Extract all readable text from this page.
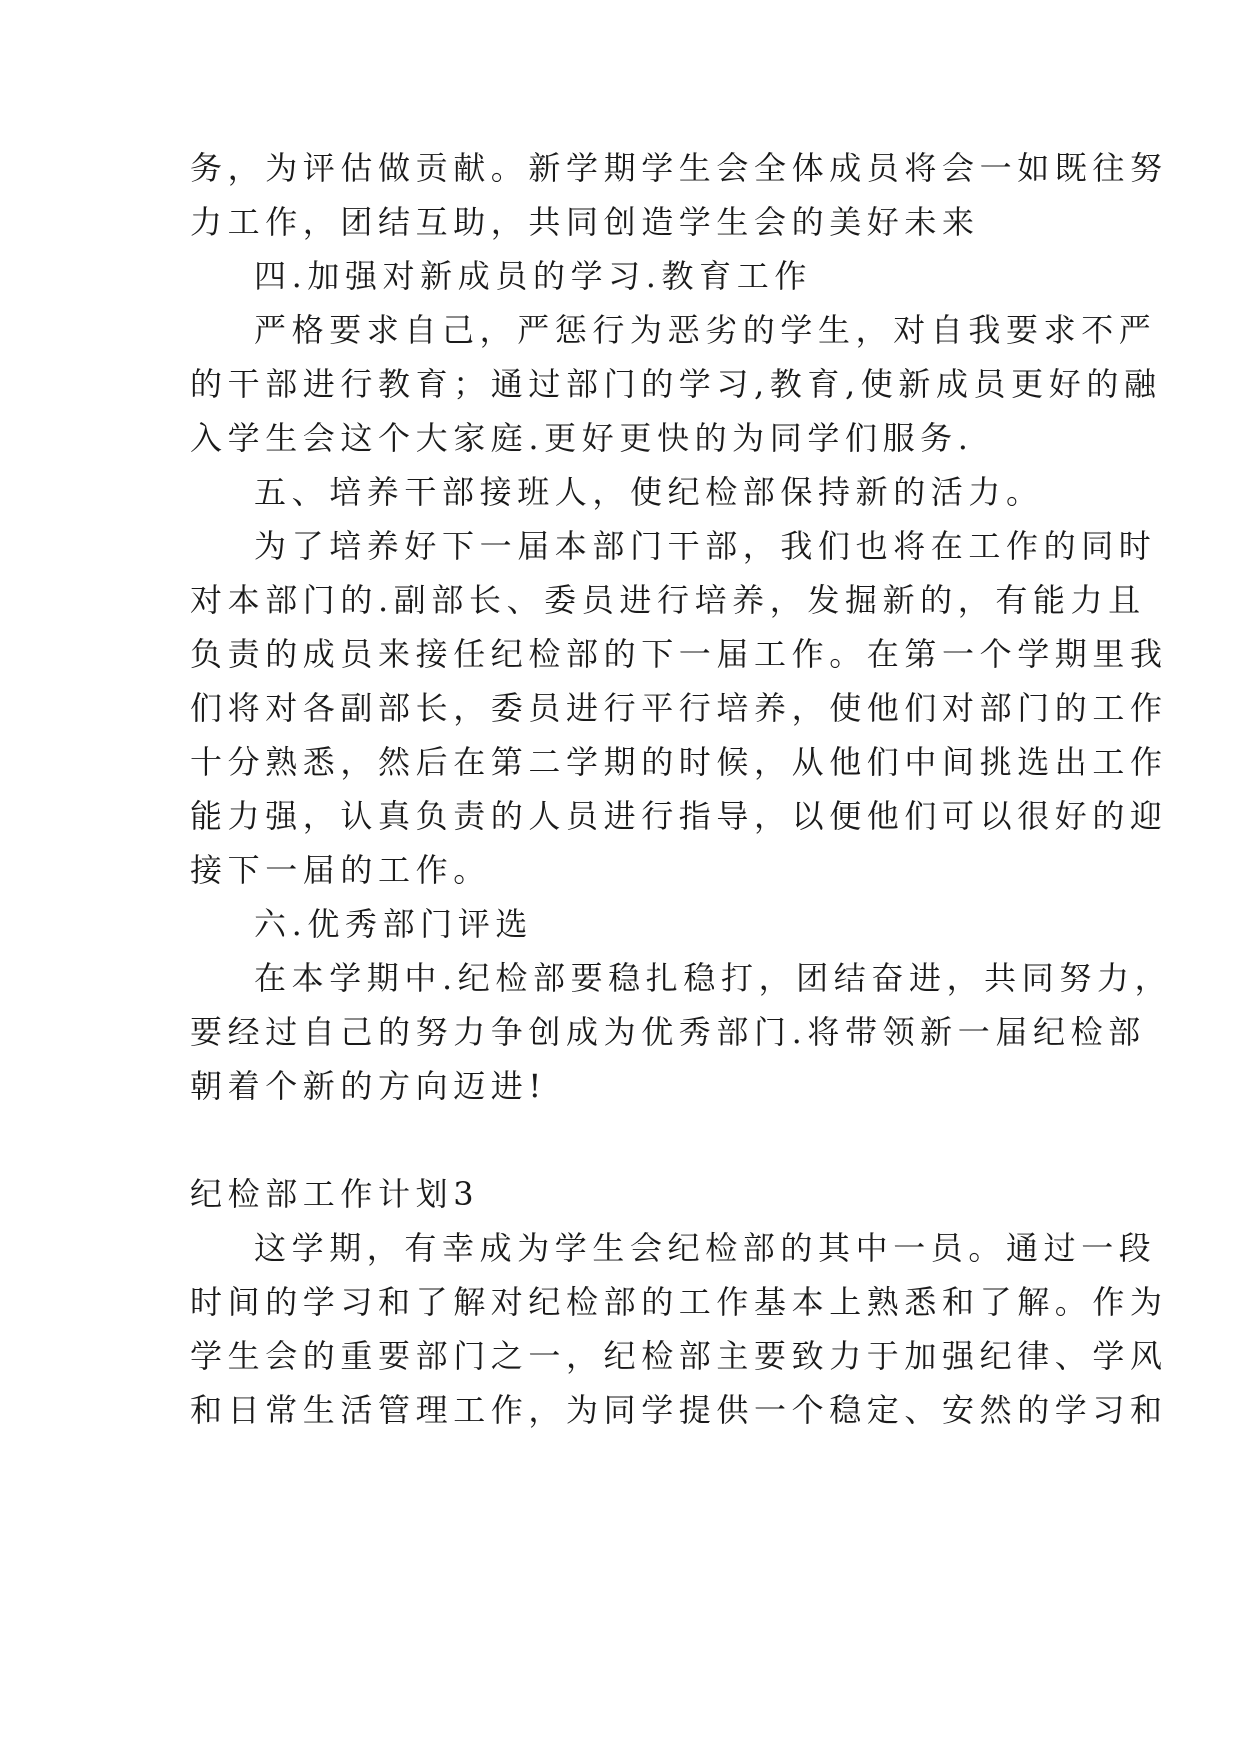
务，为评估做贡献。新学期学生会全体成员将会一如既往努
力工作，团结互助，共同创造学生会的美好未来
四.加强对新成员的学习.教育工作
严格要求自己，严惩行为恶劣的学生，对自我要求不严
的干部进行教育；通过部门的学习,教育,使新成员更好的融
入学生会这个大家庭.更好更快的为同学们服务.
五、培养干部接班人，使纪检部保持新的活力。
为了培养好下一届本部门干部，我们也将在工作的同时
对本部门的.副部长、委员进行培养，发掘新的，有能力且
负责的成员来接任纪检部的下一届工作。在第一个学期里我
们将对各副部长，委员进行平行培养，使他们对部门的工作
十分熟悉，然后在第二学期的时候，从他们中间挑选出工作
能力强，认真负责的人员进行指导，以便他们可以很好的迎
接下一届的工作。
六.优秀部门评选
在本学期中.纪检部要稳扎稳打，团结奋进，共同努力，
要经过自己的努力争创成为优秀部门.将带领新一届纪检部
朝着个新的方向迈进!
纪检部工作计划3
这学期，有幸成为学生会纪检部的其中一员。通过一段
时间的学习和了解对纪检部的工作基本上熟悉和了解。作为
学生会的重要部门之一，纪检部主要致力于加强纪律、学风
和日常生活管理工作，为同学提供一个稳定、安然的学习和
